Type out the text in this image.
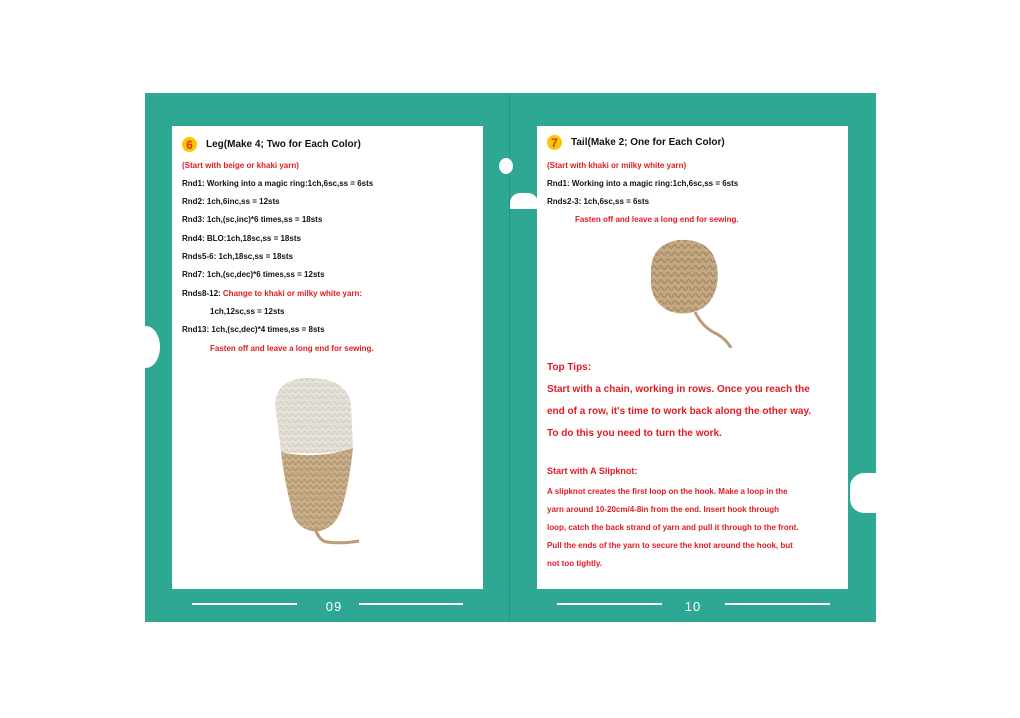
6	Leg(Make 4; Two for Each Color)
(Start with beige or khaki yarn)
Rnd1: Working into a magic ring:1ch,6sc,ss = 6sts
Rnd2: 1ch,6inc,ss = 12sts
Rnd3: 1ch,(sc,inc)*6 times,ss = 18sts
Rnd4: BLO:1ch,18sc,ss = 18sts
Rnds5-6: 1ch,18sc,ss = 18sts
Rnd7: 1ch,(sc,dec)*6 times,ss = 12sts
Rnds8-12: Change to khaki or milky white yarn:
1ch,12sc,ss = 12sts
Rnd13: 1ch,(sc,dec)*4 times,ss = 8sts
Fasten off and leave a long end for sewing.
7	Tail(Make 2; One for Each Color)
(Start with khaki or milky white yarn)
Rnd1: Working into a magic ring:1ch,6sc,ss = 6sts
Rnds2-3: 1ch,6sc,ss = 6sts
Fasten off and leave a long end for sewing.
Top Tips:
Start with a chain, working in rows. Once you reach the
end of a row, it's time to work back along the other way.
To do this you need to turn the work.
Start with A Slipknot:
A slipknot creates the first loop on the hook. Make a loop in the
yarn around 10-20cm/4-8in from the end. Insert hook through
loop, catch the back strand of yarn and pull it through to the front.
Pull the ends of the yarn to secure the knot around the hook, but
not too tightly.
09	10
